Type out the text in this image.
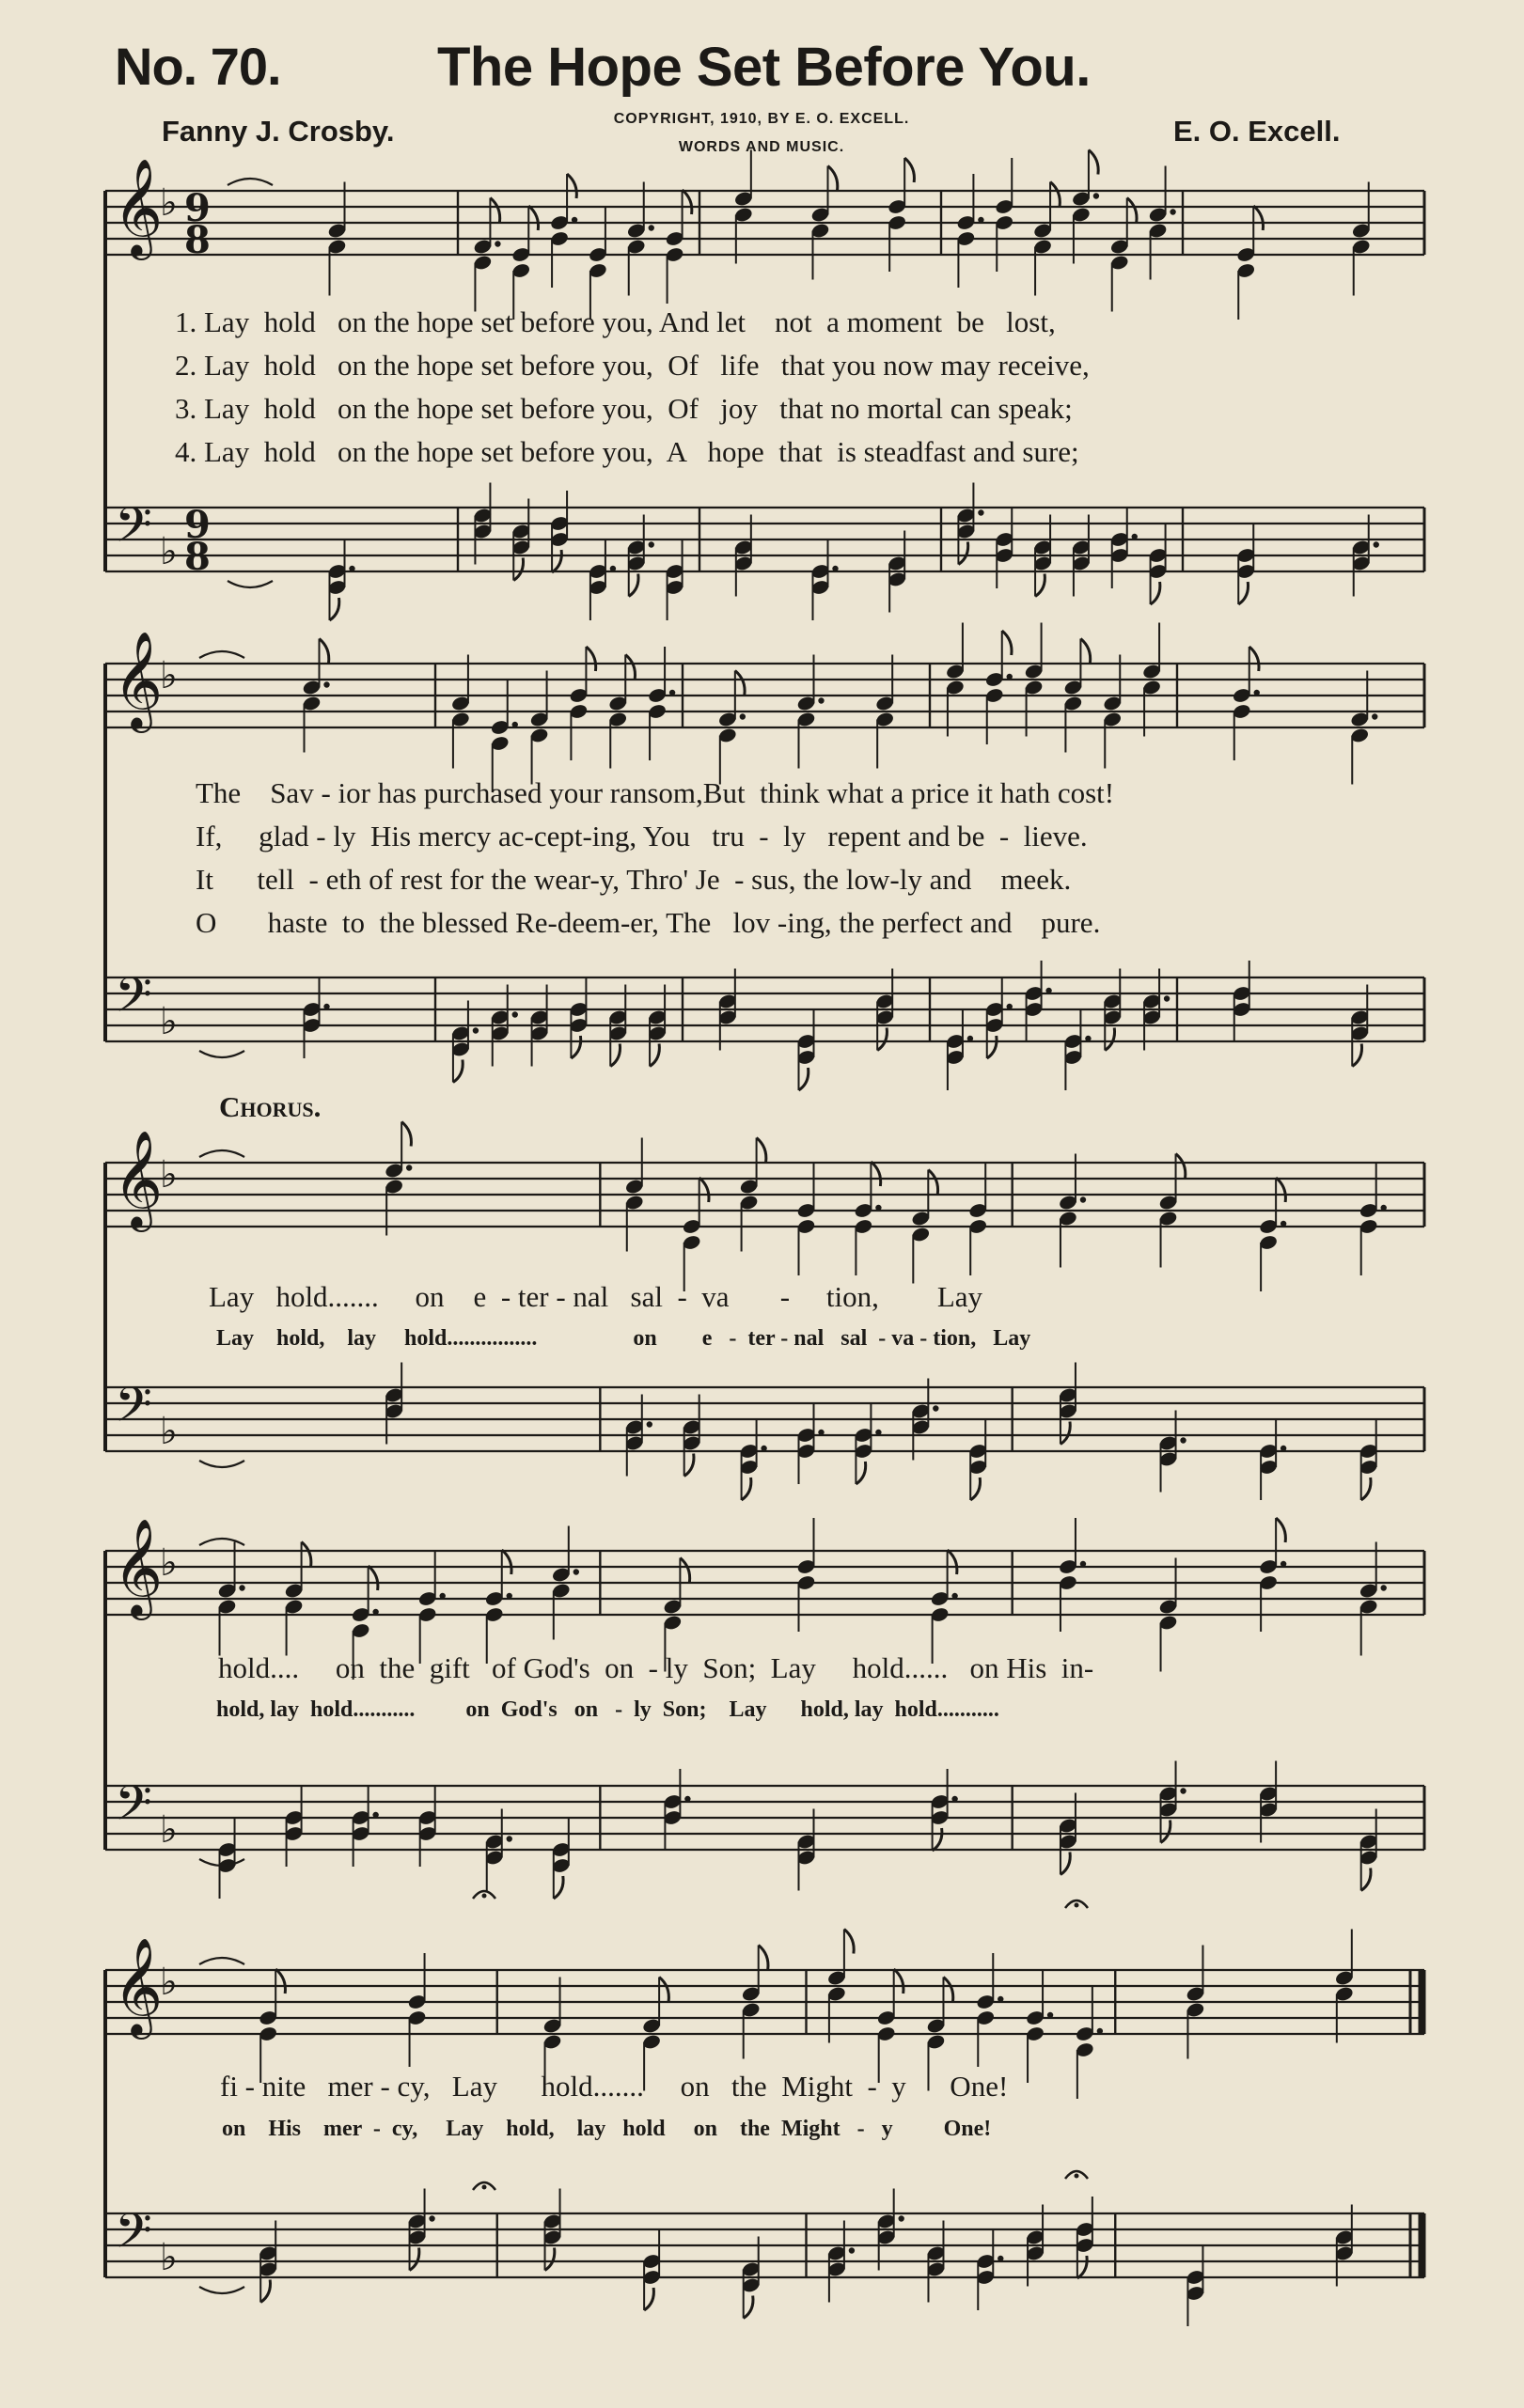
No. 70.	The Hope Set Before You.
Fanny J. Crosby.	COPYRIGHT, 1910, BY E. O. EXCELL.
WORDS AND MUSIC.	E. O. Excell.
𝄞
𝄢
♭
♭
9
8
9
8
𝄞
𝄢
♭
♭
𝄞
𝄢
♭
♭
𝄞
𝄢
♭
♭
𝄞
𝄢
♭
♭
1. Lay  hold   on the hope set before you, And let    not  a moment  be   lost,
2. Lay  hold   on the hope set before you,  Of   life   that you now may receive,
3. Lay  hold   on the hope set before you,  Of   joy   that no mortal can speak;
4. Lay  hold   on the hope set before you,  A   hope  that  is steadfast and sure;
The    Sav - ior has purchased your ransom,But  think what a price it hath cost!
If,     glad - ly  His mercy ac-cept-ing, You   tru  -  ly   repent and be  -  lieve.
It      tell  - eth of rest for the wear-y, Thro' Je  - sus, the low-ly and    meek.
O       haste  to  the blessed Re-deem-er, The   lov -ing, the perfect and    pure.
Chorus.
Lay   hold.......     on    e  - ter - nal   sal  -  va       -     tion,        Lay
Lay    hold,    lay     hold................                 on        e   -  ter - nal   sal  - va - tion,   Lay
hold....     on  the  gift   of God's  on  - ly  Son;  Lay     hold......   on His  in-
hold, lay  hold...........         on  God's   on   -  ly  Son;    Lay      hold, lay  hold...........
fi - nite   mer - cy,   Lay      hold.......     on   the  Might  -  y      One!
on    His    mer  -  cy,     Lay    hold,    lay   hold     on    the  Might   -   y         One!
